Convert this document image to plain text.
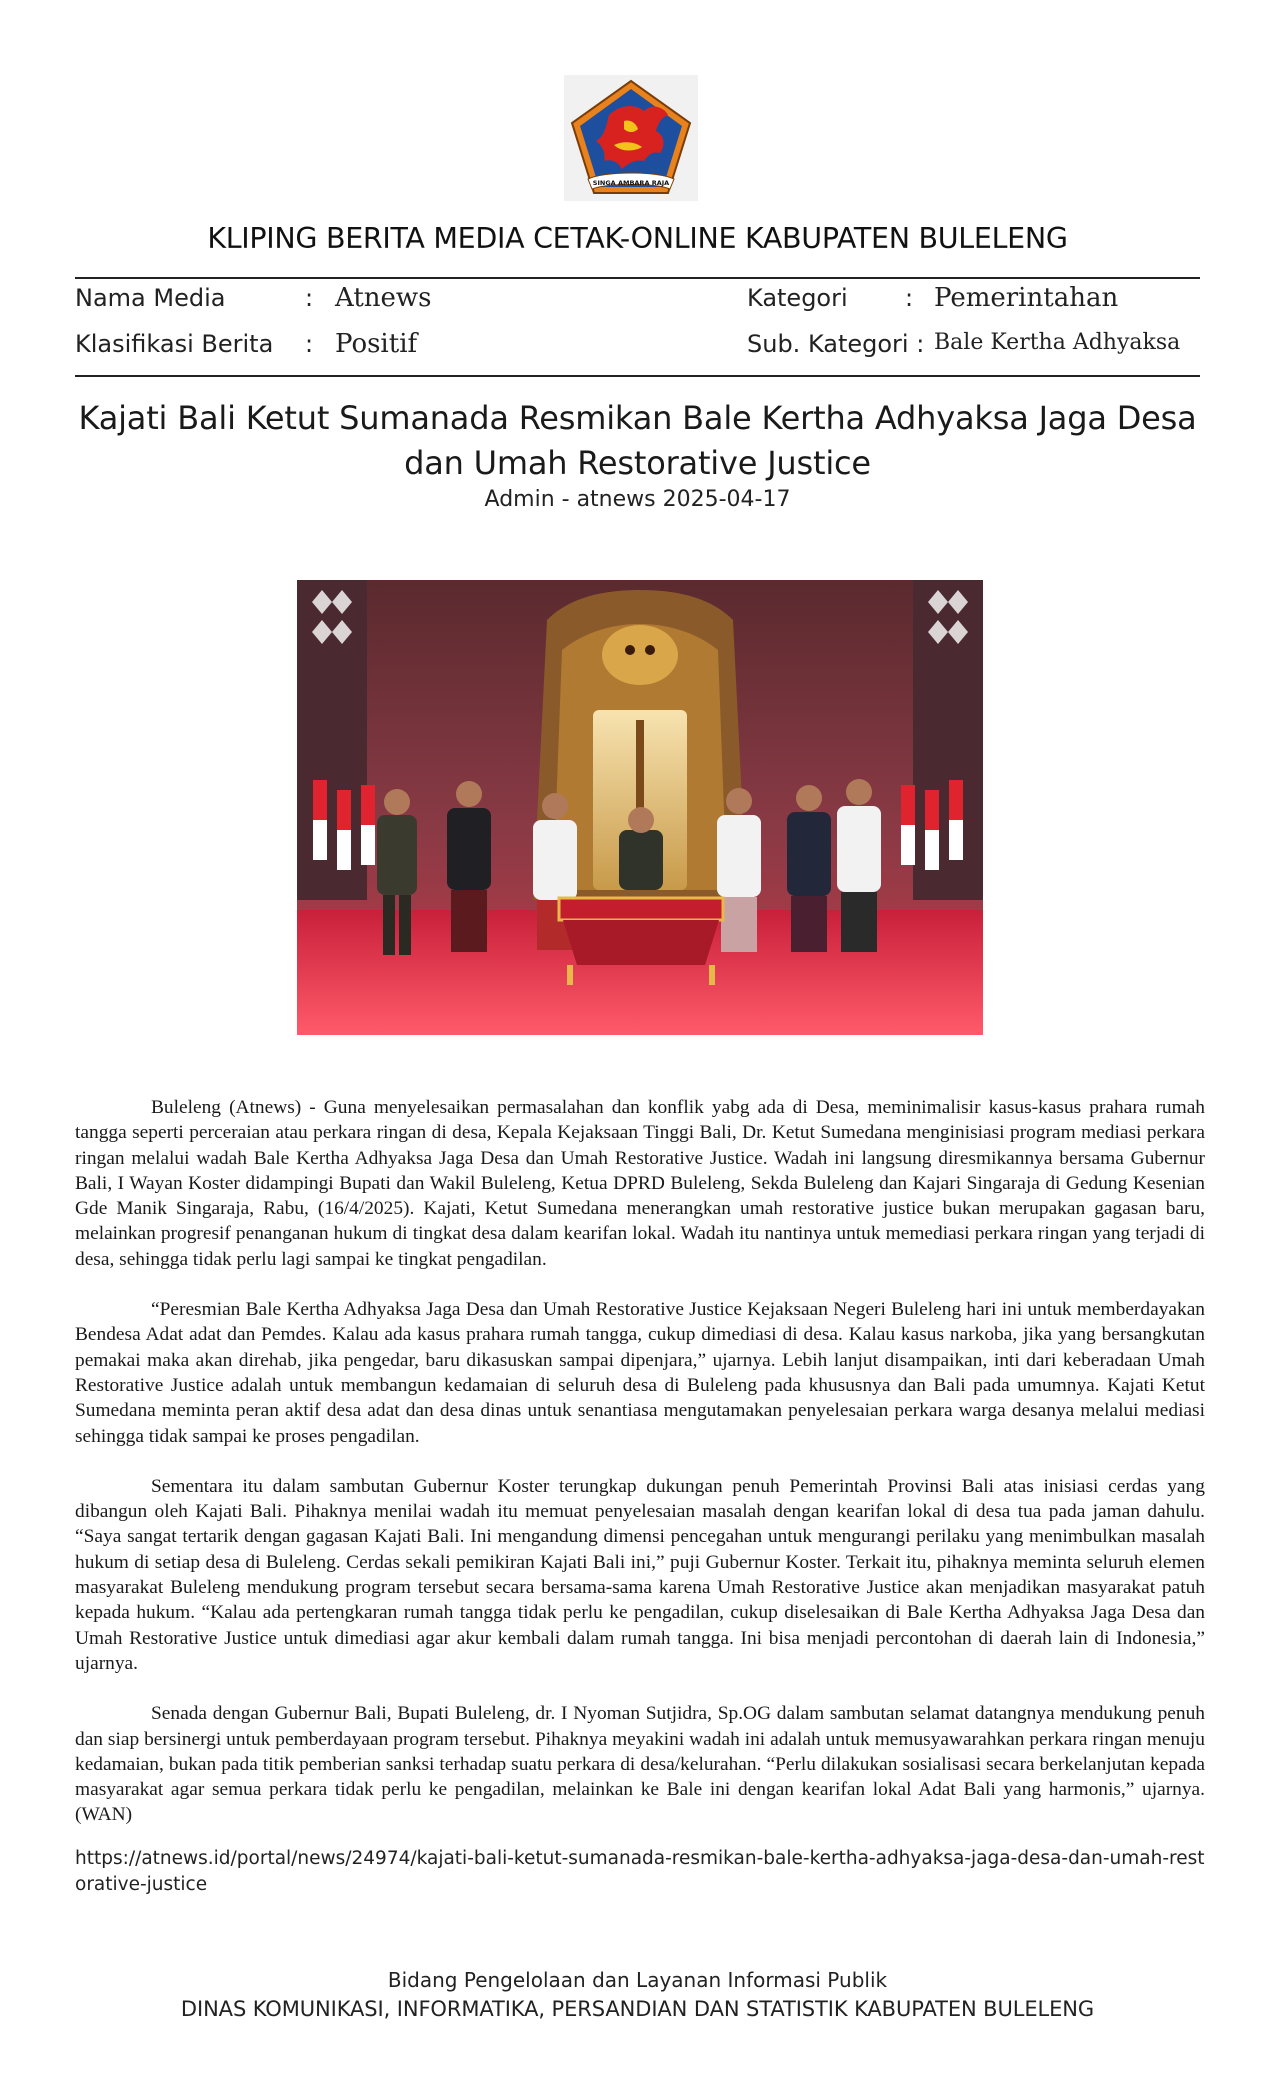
SINGA AMBARA RAJA
KLIPING BERITA MEDIA CETAK-ONLINE KABUPATEN BULELENG
Nama Media	: Atnews
Klasifikasi Berita : Positif
Kategori : Pemerintahan
Sub. Kategori : Bale Kertha Adhyaksa
Kajati Bali Ketut Sumanada Resmikan Bale Kertha Adhyaksa Jaga Desa dan Umah Restorative Justice
Admin - atnews 2025-04-17

Buleleng (Atnews) - Guna menyelesaikan permasalahan dan konflik yabg ada di Desa, meminimalisir kasus-kasus prahara rumah tangga seperti perceraian atau perkara ringan di desa, Kepala Kejaksaan Tinggi Bali, Dr. Ketut Sumedana menginisiasi program mediasi perkara ringan melalui wadah Bale Kertha Adhyaksa Jaga Desa dan Umah Restorative Justice. Wadah ini langsung diresmikannya bersama Gubernur Bali, I Wayan Koster didampingi Bupati dan Wakil Buleleng, Ketua DPRD Buleleng, Sekda Buleleng dan Kajari Singaraja di Gedung Kesenian Gde Manik Singaraja, Rabu, (16/4/2025). Kajati, Ketut Sumedana menerangkan umah restorative justice bukan merupakan gagasan baru, melainkan progresif penanganan hukum di tingkat desa dalam kearifan lokal. Wadah itu nantinya untuk memediasi perkara ringan yang terjadi di desa, sehingga tidak perlu lagi sampai ke tingkat pengadilan.

“Peresmian Bale Kertha Adhyaksa Jaga Desa dan Umah Restorative Justice Kejaksaan Negeri Buleleng hari ini untuk memberdayakan Bendesa Adat adat dan Pemdes. Kalau ada kasus prahara rumah tangga, cukup dimediasi di desa. Kalau kasus narkoba, jika yang bersangkutan pemakai maka akan direhab, jika pengedar, baru dikasuskan sampai dipenjara,” ujarnya. Lebih lanjut disampaikan, inti dari keberadaan Umah Restorative Justice adalah untuk membangun kedamaian di seluruh desa di Buleleng pada khususnya dan Bali pada umumnya. Kajati Ketut Sumedana meminta peran aktif desa adat dan desa dinas untuk senantiasa mengutamakan penyelesaian perkara warga desanya melalui mediasi sehingga tidak sampai ke proses pengadilan.

Sementara itu dalam sambutan Gubernur Koster terungkap dukungan penuh Pemerintah Provinsi Bali atas inisiasi cerdas yang dibangun oleh Kajati Bali. Pihaknya menilai wadah itu memuat penyelesaian masalah dengan kearifan lokal di desa tua pada jaman dahulu. “Saya sangat tertarik dengan gagasan Kajati Bali. Ini mengandung dimensi pencegahan untuk mengurangi perilaku yang menimbulkan masalah hukum di setiap desa di Buleleng. Cerdas sekali pemikiran Kajati Bali ini,” puji Gubernur Koster. Terkait itu, pihaknya meminta seluruh elemen masyarakat Buleleng mendukung program tersebut secara bersama-sama karena Umah Restorative Justice akan menjadikan masyarakat patuh kepada hukum. “Kalau ada pertengkaran rumah tangga tidak perlu ke pengadilan, cukup diselesaikan di Bale Kertha Adhyaksa Jaga Desa dan Umah Restorative Justice untuk dimediasi agar akur kembali dalam rumah tangga. Ini bisa menjadi percontohan di daerah lain di Indonesia,” ujarnya.

Senada dengan Gubernur Bali, Bupati Buleleng, dr. I Nyoman Sutjidra, Sp.OG dalam sambutan selamat datangnya mendukung penuh dan siap bersinergi untuk pemberdayaan program tersebut. Pihaknya meyakini wadah ini adalah untuk memusyawarahkan perkara ringan menuju kedamaian, bukan pada titik pemberian sanksi terhadap suatu perkara di desa/kelurahan. “Perlu dilakukan sosialisasi secara berkelanjutan kepada masyarakat agar semua perkara tidak perlu ke pengadilan, melainkan ke Bale ini dengan kearifan lokal Adat Bali yang harmonis,” ujarnya. (WAN)

https://atnews.id/portal/news/24974/kajati-bali-ketut-sumanada-resmikan-bale-kertha-adhyaksa-jaga-desa-dan-umah-restorative-justice
Bidang Pengelolaan dan Layanan Informasi Publik
DINAS KOMUNIKASI, INFORMATIKA, PERSANDIAN DAN STATISTIK KABUPATEN BULELENG
